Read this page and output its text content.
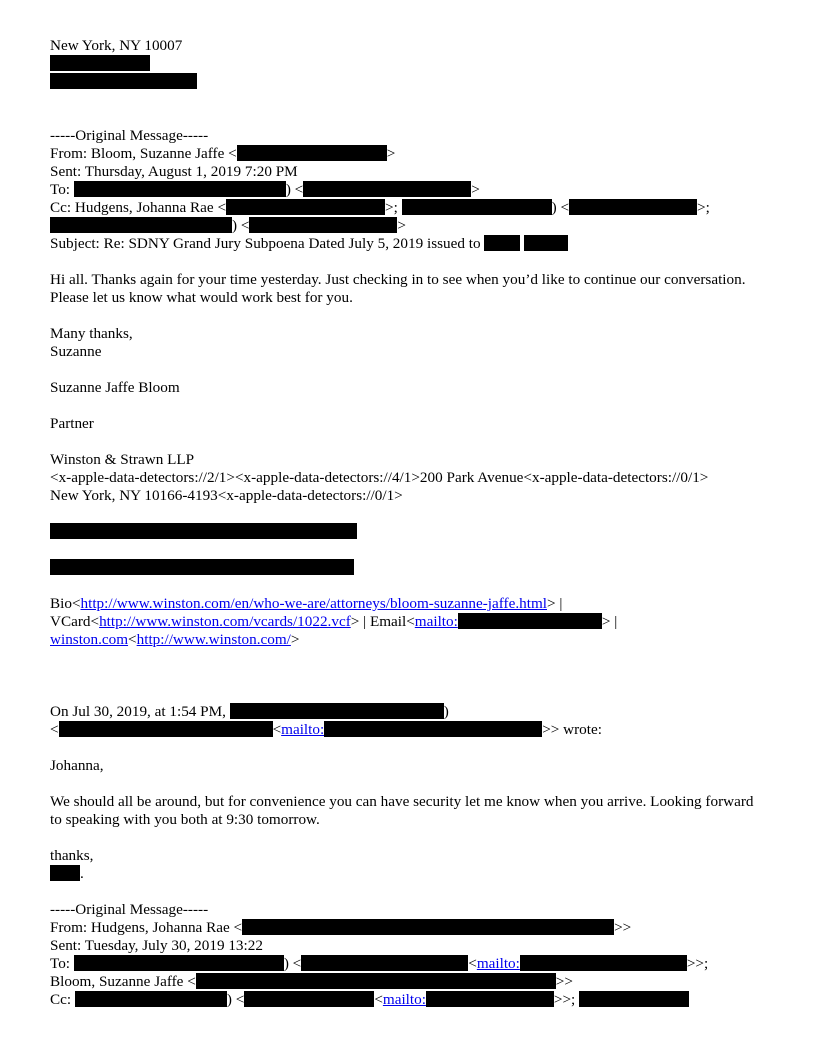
New York, NY 10007
-----Original Message-----
From: Bloom, Suzanne Jaffe <	>
Sent: Thursday, August 1, 2019 7:20 PM
To:	) <	>
Cc: Hudgens, Johanna Rae <	>;	) <	>;
) <	>
Subject: Re: SDNY Grand Jury Subpoena Dated July 5, 2019 issued to
Hi all. Thanks again for your time yesterday. Just checking in to see when you’d like to continue our conversation. Please let us know what would work best for you.
Many thanks,
Suzanne
Suzanne Jaffe Bloom
Partner
Winston & Strawn LLP
<x-apple-data-detectors://2/1><x-apple-data-detectors://4/1>200 Park Avenue<x-apple-data-detectors://0/1>
New York, NY 10166-4193<x-apple-data-detectors://0/1>
Bio<http://www.winston.com/en/who-we-are/attorneys/bloom-suzanne-jaffe.html> |
VCard<http://www.winston.com/vcards/1022.vcf> | Email<mailto:	> |
winston.com<http://www.winston.com/>
On Jul 30, 2019, at 1:54 PM,	)
<	<mailto:	>> wrote:
Johanna,
We should all be around, but for convenience you can have security let me know when you arrive. Looking forward to speaking with you both at 9:30 tomorrow.
thanks,
.
-----Original Message-----
From: Hudgens, Johanna Rae <	>>
Sent: Tuesday, July 30, 2019 13:22
To:	) <	<mailto:	>>;
Bloom, Suzanne Jaffe <	>>
Cc:	) <	<mailto:	>>;
